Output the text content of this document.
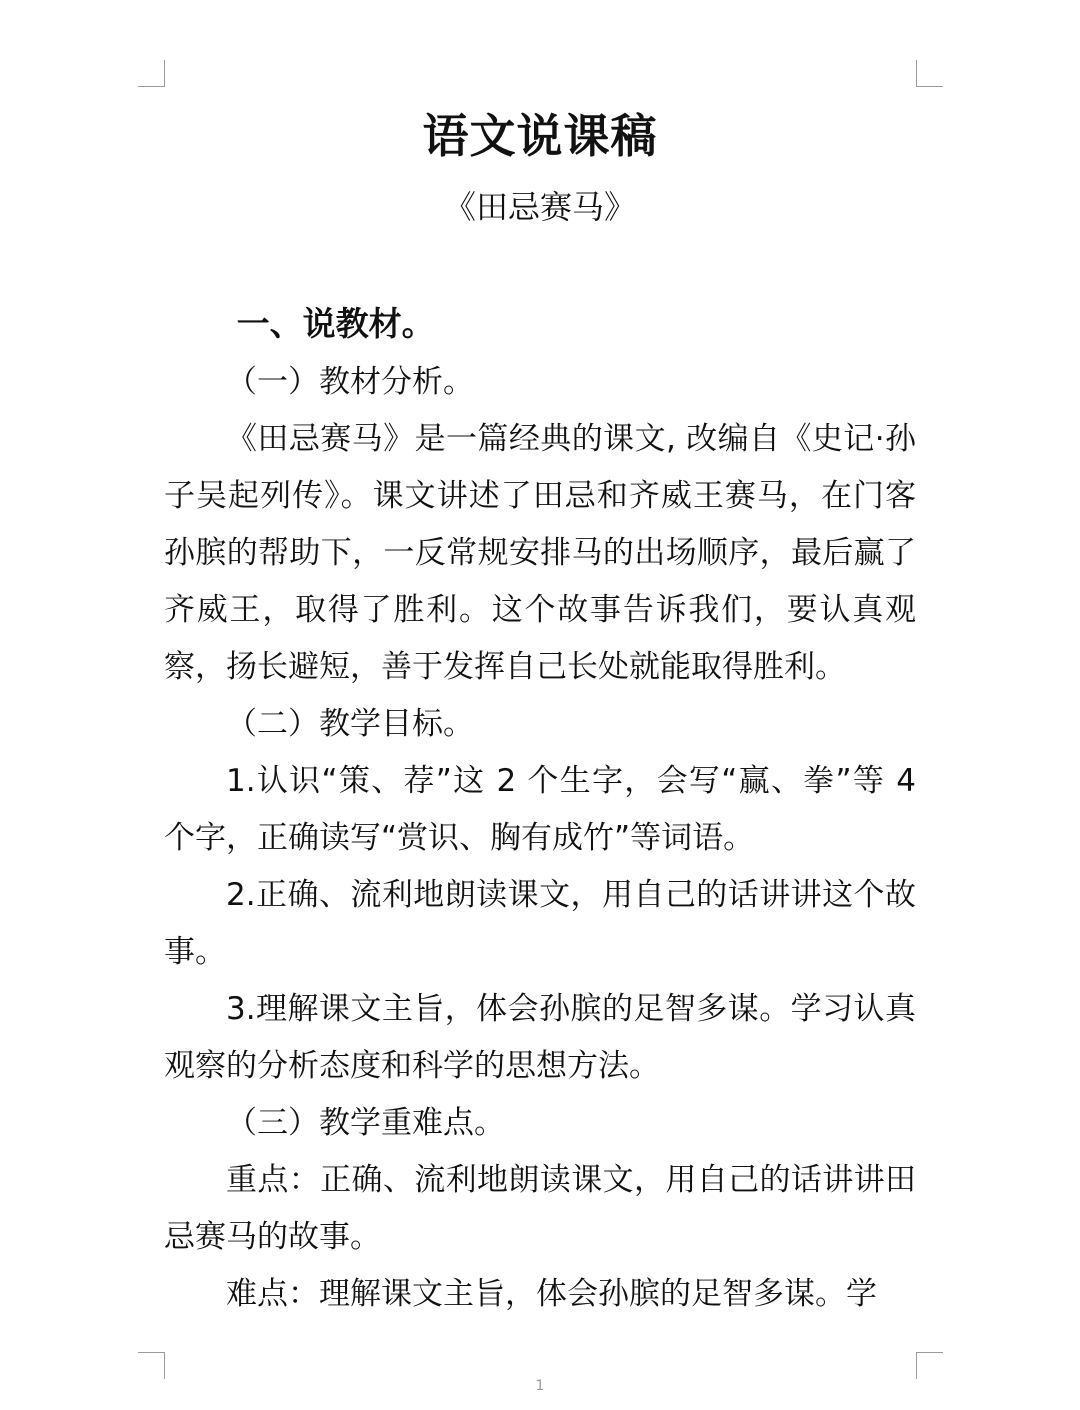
语文说课稿
《田忌赛马》

一、说教材。

（一）教材分析。

《田忌赛马》是一篇经典的课文, 改编自《史记·孙子吴起列传》。课文讲述了田忌和齐威王赛马，在门客孙膑的帮助下，一反常规安排马的出场顺序，最后赢了齐威王，取得了胜利。这个故事告诉我们，要认真观察，扬长避短，善于发挥自己长处就能取得胜利。

（二）教学目标。

1.认识“策、荐”这 2 个生字，会写“赢、拳”等 4 个字，正确读写“赏识、胸有成竹”等词语。

2.正确、流利地朗读课文，用自己的话讲讲这个故事。

3.理解课文主旨，体会孙膑的足智多谋。学习认真观察的分析态度和科学的思想方法。

（三）教学重难点。

重点：正确、流利地朗读课文，用自己的话讲讲田忌赛马的故事。

难点：理解课文主旨，体会孙膑的足智多谋。学

1
